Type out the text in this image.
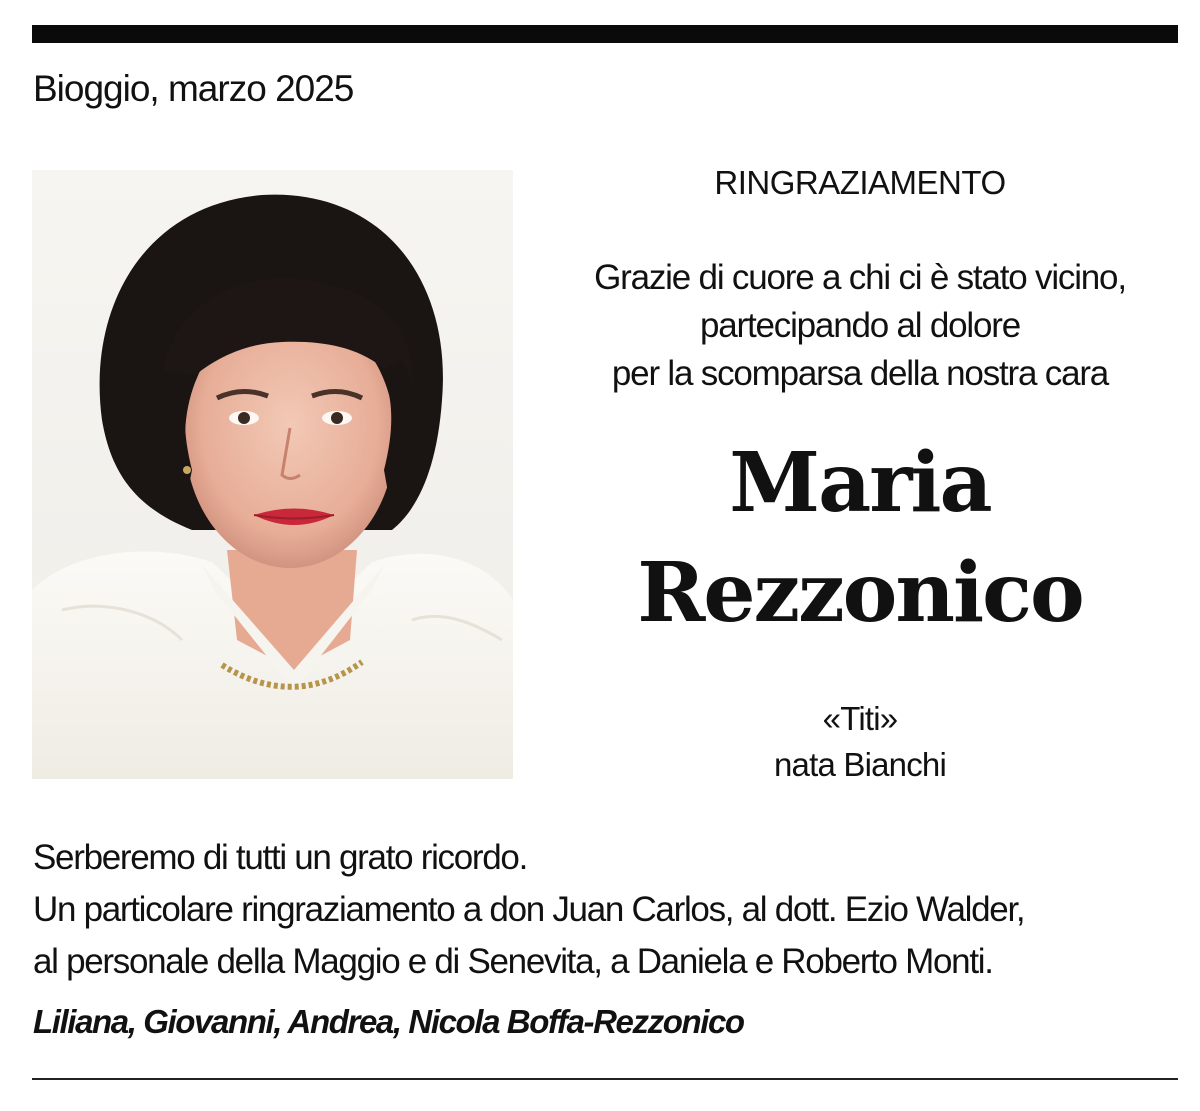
Bioggio, marzo 2025
RINGRAZIAMENTO
Grazie di cuore a chi ci è stato vicino,
partecipando al dolore
per la scomparsa della nostra cara
Maria
Rezzonico
«Titi»
nata Bianchi
Serberemo di tutti un grato ricordo.
Un particolare ringraziamento a don Juan Carlos, al dott. Ezio Walder,
al personale della Maggio e di Senevita, a Daniela e Roberto Monti.
Liliana, Giovanni, Andrea, Nicola Boffa-Rezzonico
